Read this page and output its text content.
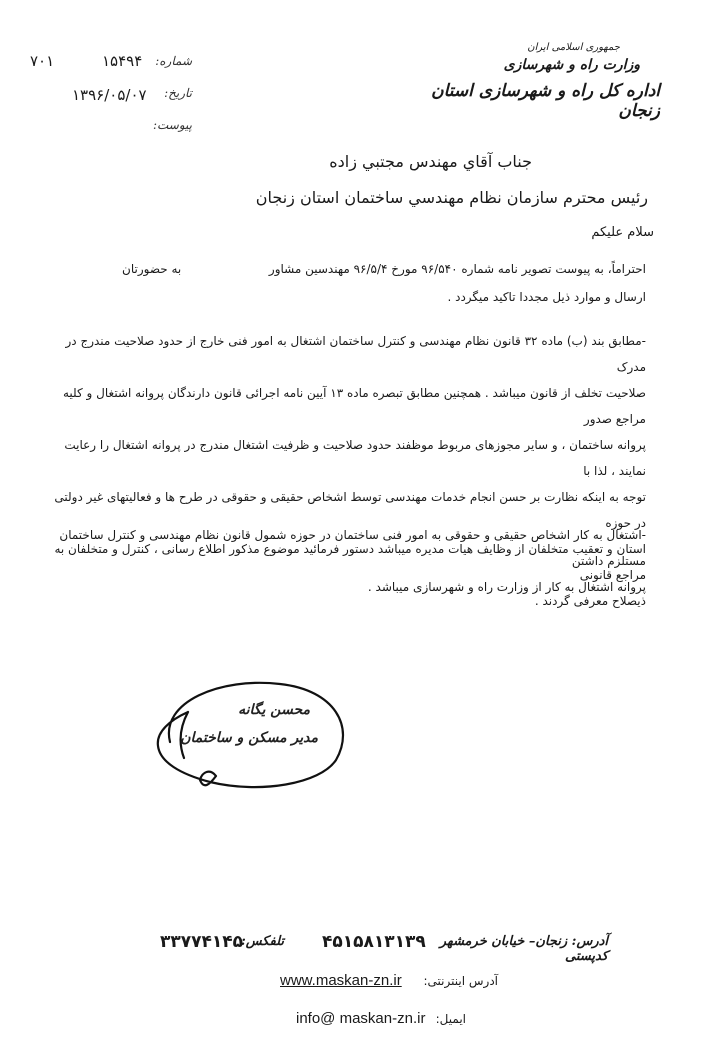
۷۰۱	۱۵۴۹۴	شماره:
۱۳۹۶/۰۵/۰۷	تاریخ:
پیوست:
جمهوری اسلامی ایران
وزارت راه و شهرسازی
اداره کل راه و شهرسازی استان زنجان
جناب آقاي مهندس مجتبي زاده
رئيس محترم سازمان نظام مهندسي ساختمان استان زنجان
سلام علیکم
احتراماً، به پیوست تصویر نامه شماره ۹۶/۵۴۰ مورخ ۹۶/۵/۴ مهندسین مشاور  به حضورتان
ارسال و موارد ذیل مجددا تاکید میگردد .
-مطابق بند (ب) ماده ۳۲ قانون نظام مهندسی و کنترل ساختمان اشتغال به امور فنی خارج از حدود صلاحیت مندرج در مدرک
صلاحیت تخلف از قانون میباشد . همچنین مطابق تبصره ماده ۱۳ آیین نامه اجرائی قانون دارندگان پروانه اشتغال و کلیه مراجع صدور
پروانه ساختمان ، و سایر مجوزهای مربوط موظفند حدود صلاحیت و ظرفیت اشتغال مندرج در پروانه اشتغال را رعایت نمایند ، لذا با
توجه به اینکه نظارت بر حسن انجام خدمات مهندسی توسط اشخاص حقیقی و حقوقی در طرح ها و فعالیتهای غیر دولتی در حوزه
استان و تعقیب متخلفان از وظایف هیات مدیره میباشد دستور فرمائید موضوع مذکور اطلاع رسانی ، کنترل و متخلفان به مراجع قانونی
ذیصلاح معرفی گردند .
-اشتغال به کار اشخاص حقیقی و حقوقی به امور فنی ساختمان در حوزه شمول قانون نظام مهندسی و کنترل ساختمان مستلزم داشتن
پروانه اشتغال به کار از وزارت راه و شهرسازی میباشد .
محسن یگانه
مدیر مسکن و ساختمان
۳۳۷۷۴۱۴۵
تلفکس: ۴۵۱۵۸۱۳۱۳۹	آدرس: زنجان– خیابان خرمشهر کدپستی
www.maskan-zn.ir	آدرس اینترنتی:
info@ maskan-zn.ir ایمیل:
